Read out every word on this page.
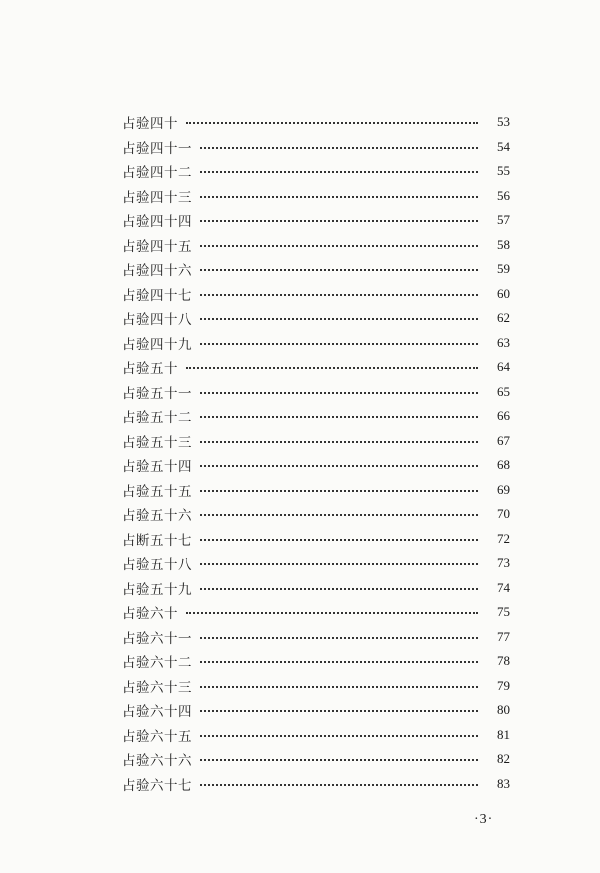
占验四十	53
占验四十一	54
占验四十二	55
占验四十三	56
占验四十四	57
占验四十五	58
占验四十六	59
占验四十七	60
占验四十八	62
占验四十九	63
占验五十	64
占验五十一	65
占验五十二	66
占验五十三	67
占验五十四	68
占验五十五	69
占验五十六	70
占断五十七	72
占验五十八	73
占验五十九	74
占验六十	75
占验六十一	77
占验六十二	78
占验六十三	79
占验六十四	80
占验六十五	81
占验六十六	82
占验六十七	83
·3·
